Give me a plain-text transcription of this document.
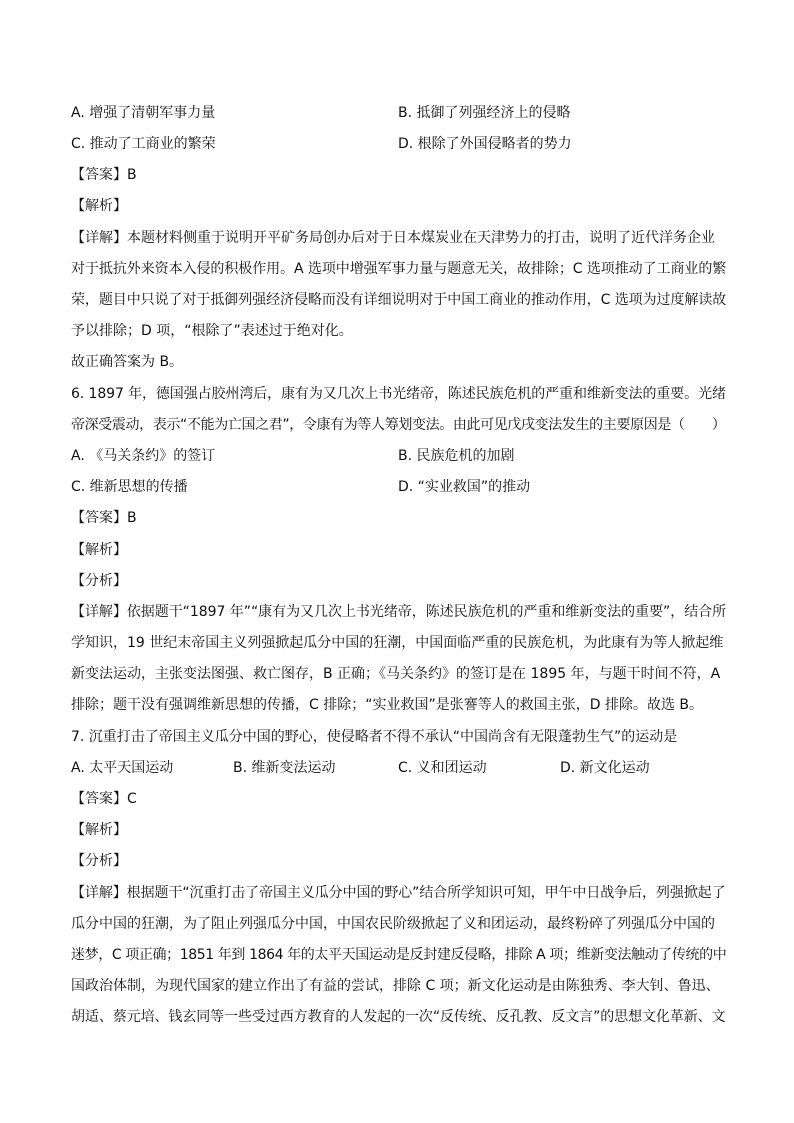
A. 增强了清朝军事力量	B. 抵御了列强经济上的侵略
C. 推动了工商业的繁荣	D. 根除了外国侵略者的势力
【答案】B
【解析】
【详解】本题材料侧重于说明开平矿务局创办后对于日本煤炭业在天津势力的打击，说明了近代洋务企业
对于抵抗外来资本入侵的积极作用。A 选项中增强军事力量与题意无关，故排除；C 选项推动了工商业的繁
荣，题目中只说了对于抵御列强经济侵略而没有详细说明对于中国工商业的推动作用，C 选项为过度解读故
予以排除；D 项，“根除了”表述过于绝对化。
故正确答案为 B。
6. 1897 年，德国强占胶州湾后，康有为又几次上书光绪帝，陈述民族危机的严重和维新变法的重要。光绪
帝深受震动，表示“不能为亡国之君”，令康有为等人筹划变法。由此可见戊戌变法发生的主要原因是（　　）
A. 《马关条约》的签订	B. 民族危机的加剧
C. 维新思想的传播	D. “实业救国”的推动
【答案】B
【解析】
【分析】
【详解】依据题干“1897 年”“康有为又几次上书光绪帝，陈述民族危机的严重和维新变法的重要”，结合所
学知识，19 世纪末帝国主义列强掀起瓜分中国的狂潮，中国面临严重的民族危机，为此康有为等人掀起维
新变法运动，主张变法图强、救亡图存，B 正确；《马关条约》的签订是在 1895 年，与题干时间不符，A
排除；题干没有强调维新思想的传播，C 排除；“实业救国”是张謇等人的救国主张，D 排除。故选 B。
7. 沉重打击了帝国主义瓜分中国的野心，使侵略者不得不承认“中国尚含有无限蓬勃生气”的运动是
A. 太平天国运动	B. 维新变法运动	C. 义和团运动	D. 新文化运动
【答案】C
【解析】
【分析】
【详解】根据题干“沉重打击了帝国主义瓜分中国的野心”结合所学知识可知，甲午中日战争后，列强掀起了
瓜分中国的狂潮，为了阻止列强瓜分中国，中国农民阶级掀起了义和团运动，最终粉碎了列强瓜分中国的
迷梦，C 项正确；1851 年到 1864 年的太平天国运动是反封建反侵略，排除 A 项；维新变法触动了传统的中
国政治体制，为现代国家的建立作出了有益的尝试，排除 C 项；新文化运动是由陈独秀、李大钊、鲁迅、
胡适、蔡元培、钱玄同等一些受过西方教育的人发起的一次“反传统、反孔教、反文言”的思想文化革新、文
